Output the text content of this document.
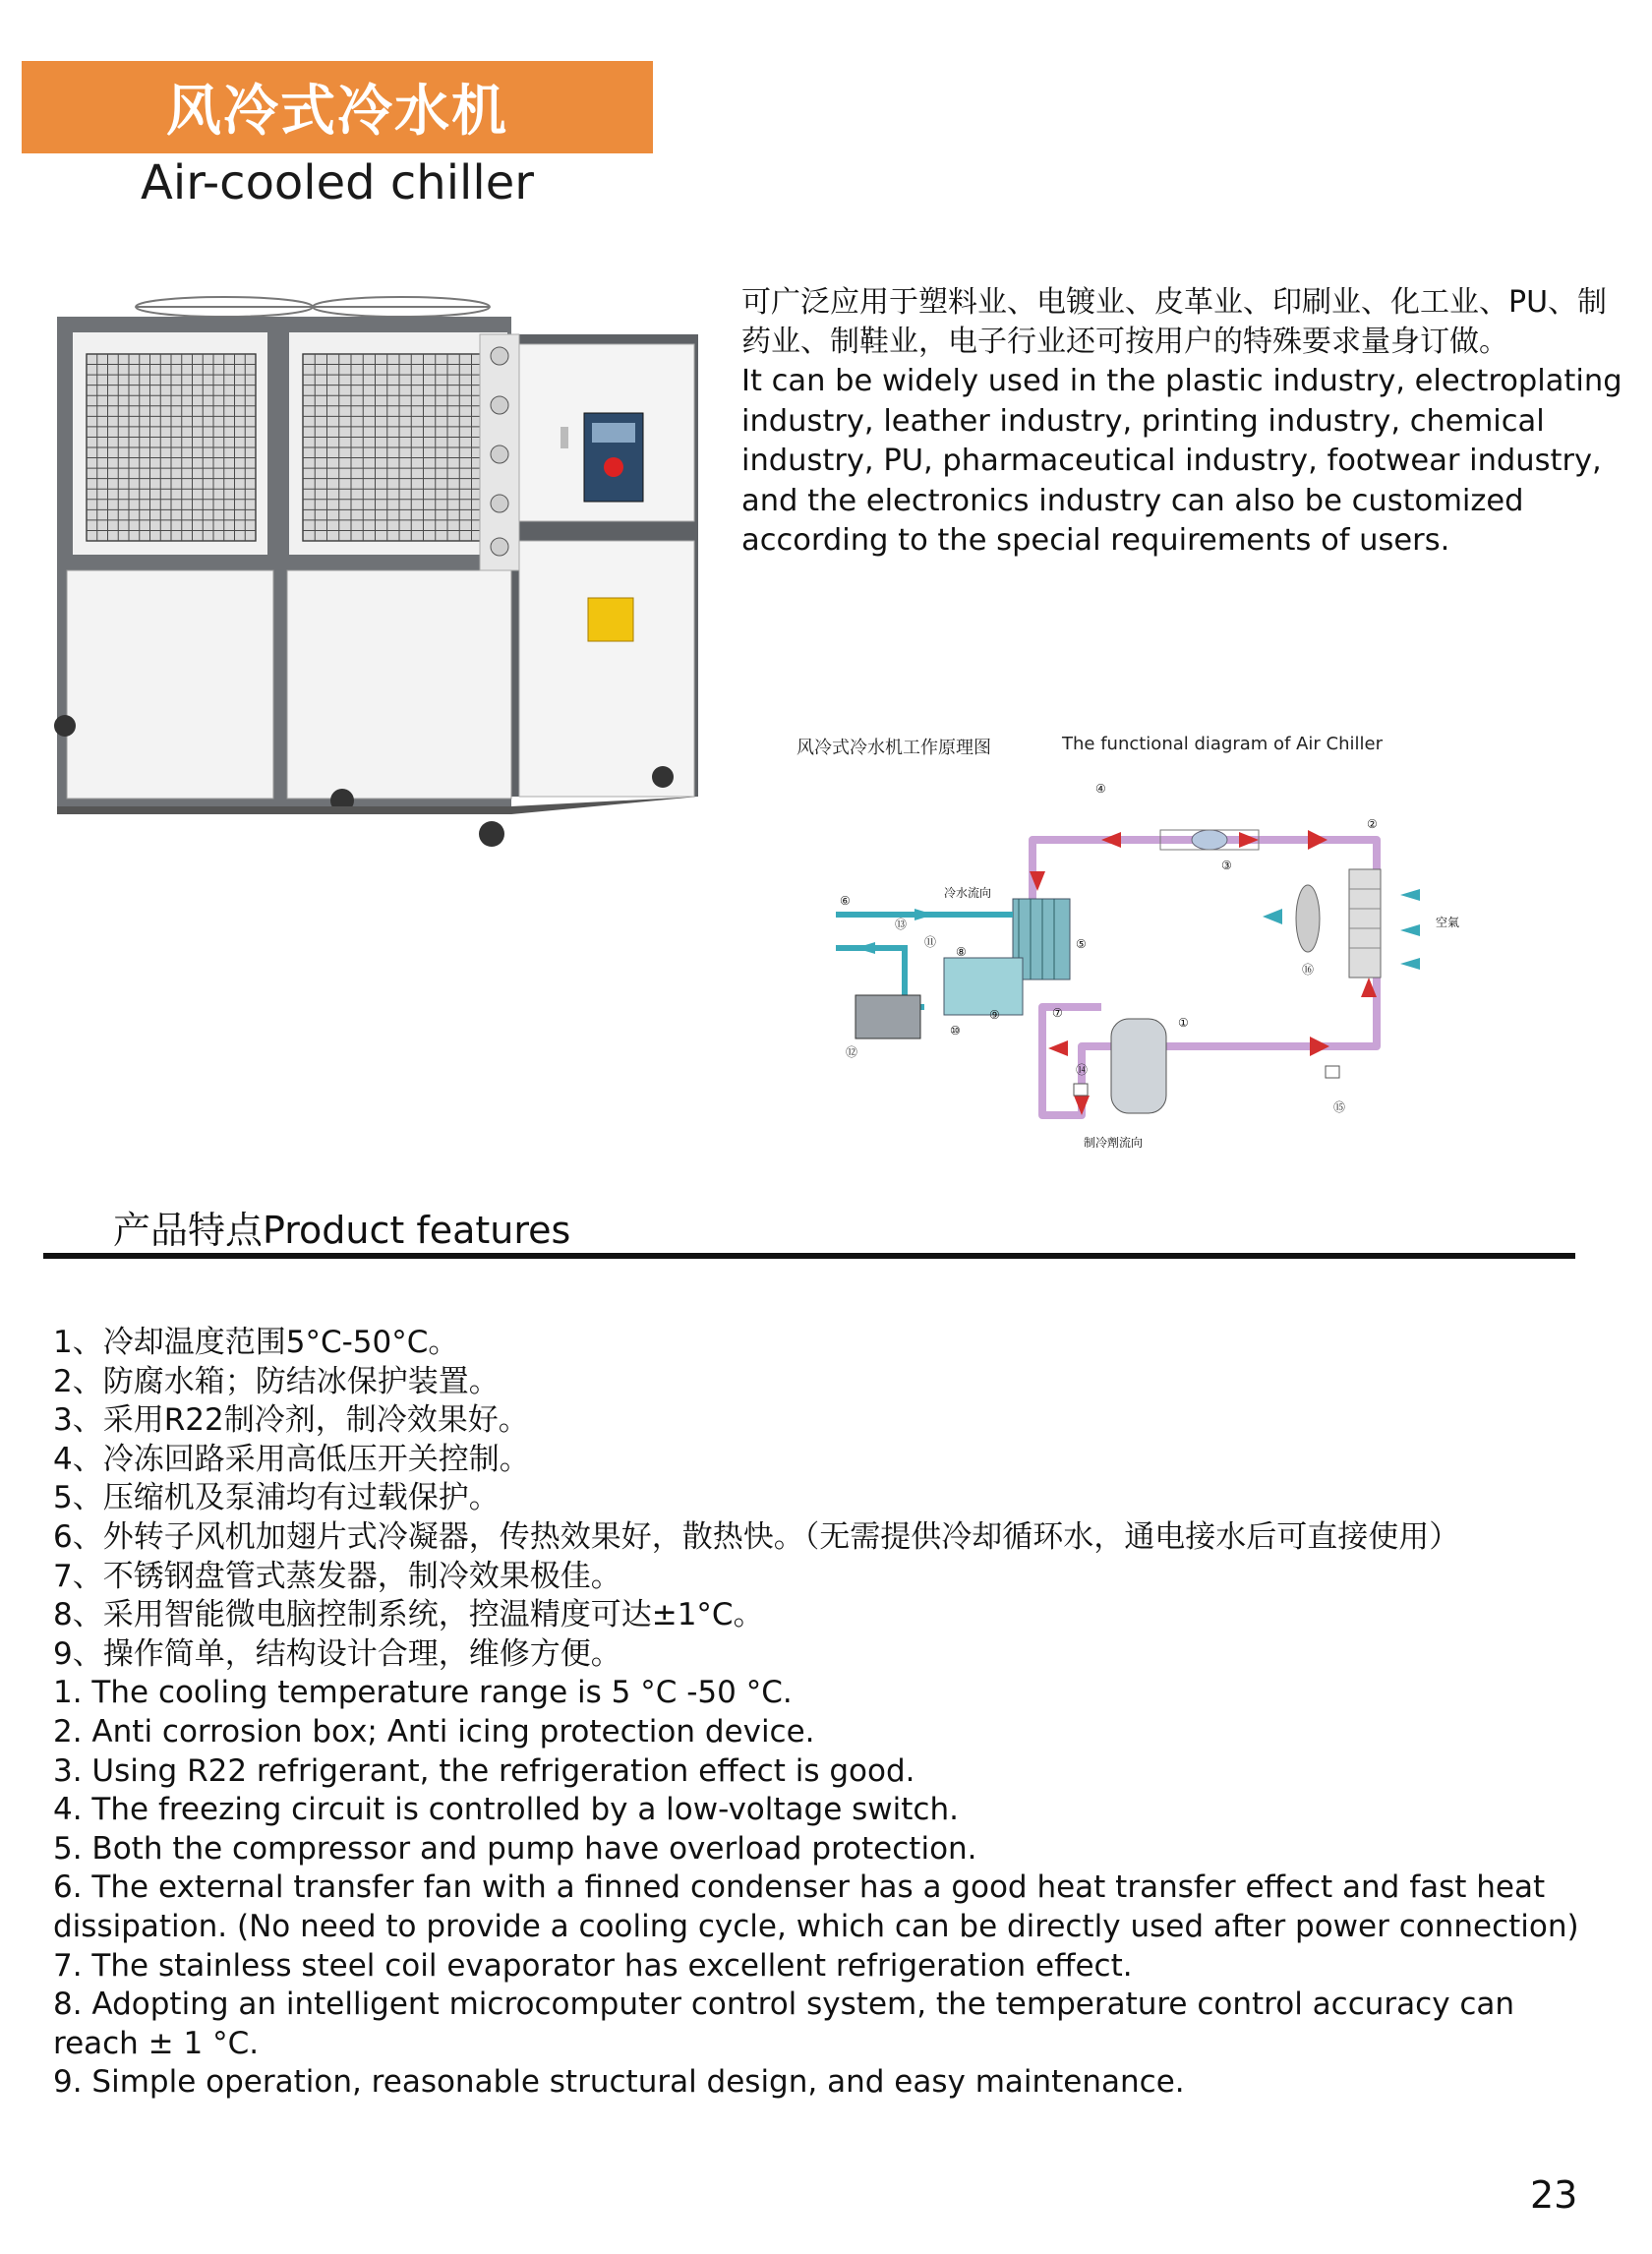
风冷式冷水机
Air-cooled chiller
可广泛应用于塑料业、电镀业、皮革业、印刷业、化工业、PU、制药业、制鞋业，电子行业还可按用户的特殊要求量身订做。
It can be widely used in the plastic industry, electroplating industry, leather industry, printing industry, chemical industry, PU, pharmaceutical industry, footwear industry, and the electronics industry can also be customized according to the special requirements of users.
风冷式冷水机工作原理图	The functional diagram of Air Chiller
冷水流向
空氣
制冷劑流向
①
②
③
④
⑤
⑥
⑦
⑧
⑨
⑩
⑪
⑫
⑬
⑭
⑮
⑯
产品特点Product features
1、冷却温度范围5°C-50°C。
2、防腐水箱；防结冰保护装置。
3、采用R22制冷剂，制冷效果好。
4、冷冻回路采用高低压开关控制。
5、压缩机及泵浦均有过载保护。
6、外转子风机加翅片式冷凝器，传热效果好，散热快。（无需提供冷却循环水，通电接水后可直接使用）
7、不锈钢盘管式蒸发器，制冷效果极佳。
8、采用智能微电脑控制系统，控温精度可达±1°C。
9、操作简单，结构设计合理，维修方便。
1. The cooling temperature range is 5 °C -50 °C.
2. Anti corrosion box; Anti icing protection device.
3. Using R22 refrigerant, the refrigeration effect is good.
4. The freezing circuit is controlled by a low-voltage switch.
5. Both the compressor and pump have overload protection.
6. The external transfer fan with a finned condenser has a good heat transfer effect and fast heat dissipation. (No need to provide a cooling cycle, which can be directly used after power connection)
7. The stainless steel coil evaporator has excellent refrigeration effect.
8. Adopting an intelligent microcomputer control system, the temperature control accuracy can reach ± 1 °C.
9. Simple operation, reasonable structural design, and easy maintenance.
23
